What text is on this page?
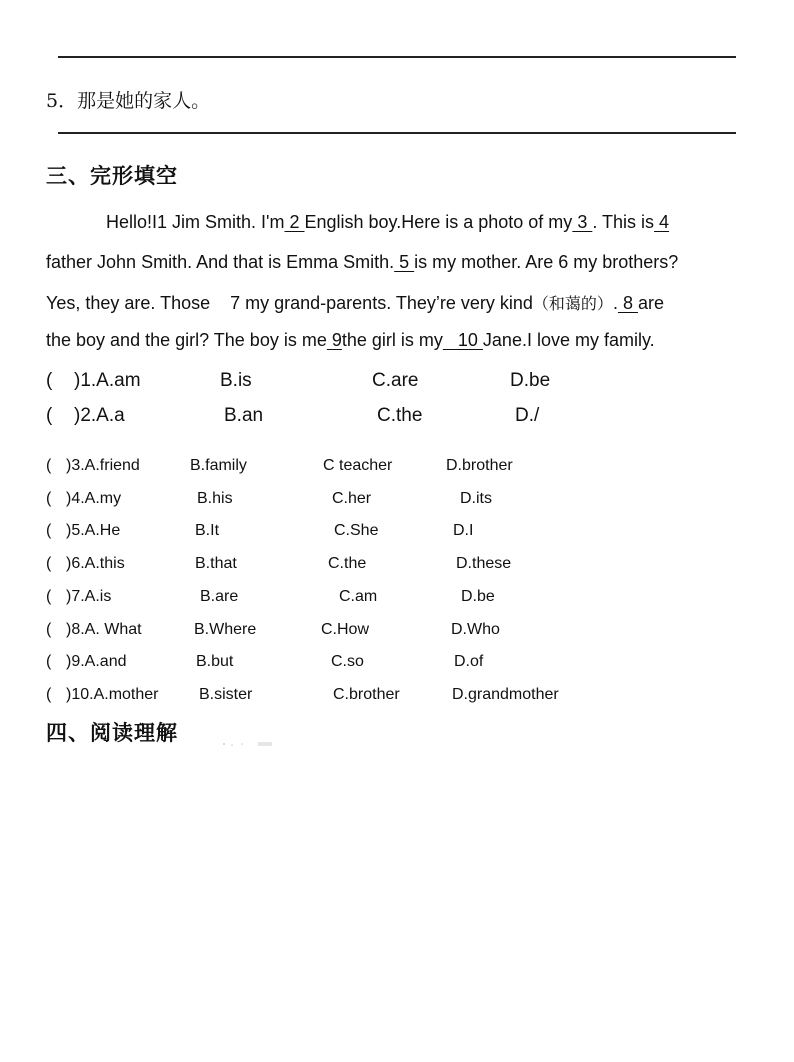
5．那是她的家人。
三、完形填空
Hello!I1 Jim Smith. I'm 2 English boy.Here is a photo of my 3 . This is 4
father John Smith. And that is Emma Smith. 5 is my mother. Are 6 my brothers?
Yes, they are. Those    7 my grand-parents. They’re very kind（和蔼的）. 8 are
the boy and the girl? The boy is me 9the girl is my   10 Jane.I love my family.
( )1.A.am	B.is	C.are	D.be
( )2.A.a	B.an	C.the	D./
( )3.A.friend	B.family	C teacher	D.brother
( )4.A.my	B.his	C.her	D.its
( )5.A.He	B.It	C.She	D.I
( )6.A.this	B.that	C.the	D.these
( )7.A.is	B.are	C.am	D.be
( )8.A. What	B.Where	C.How	D.Who
( )9.A.and	B.but	C.so	D.of
( )10.A.mother	B.sister	C.brother	D.grandmother
四、阅读理解
